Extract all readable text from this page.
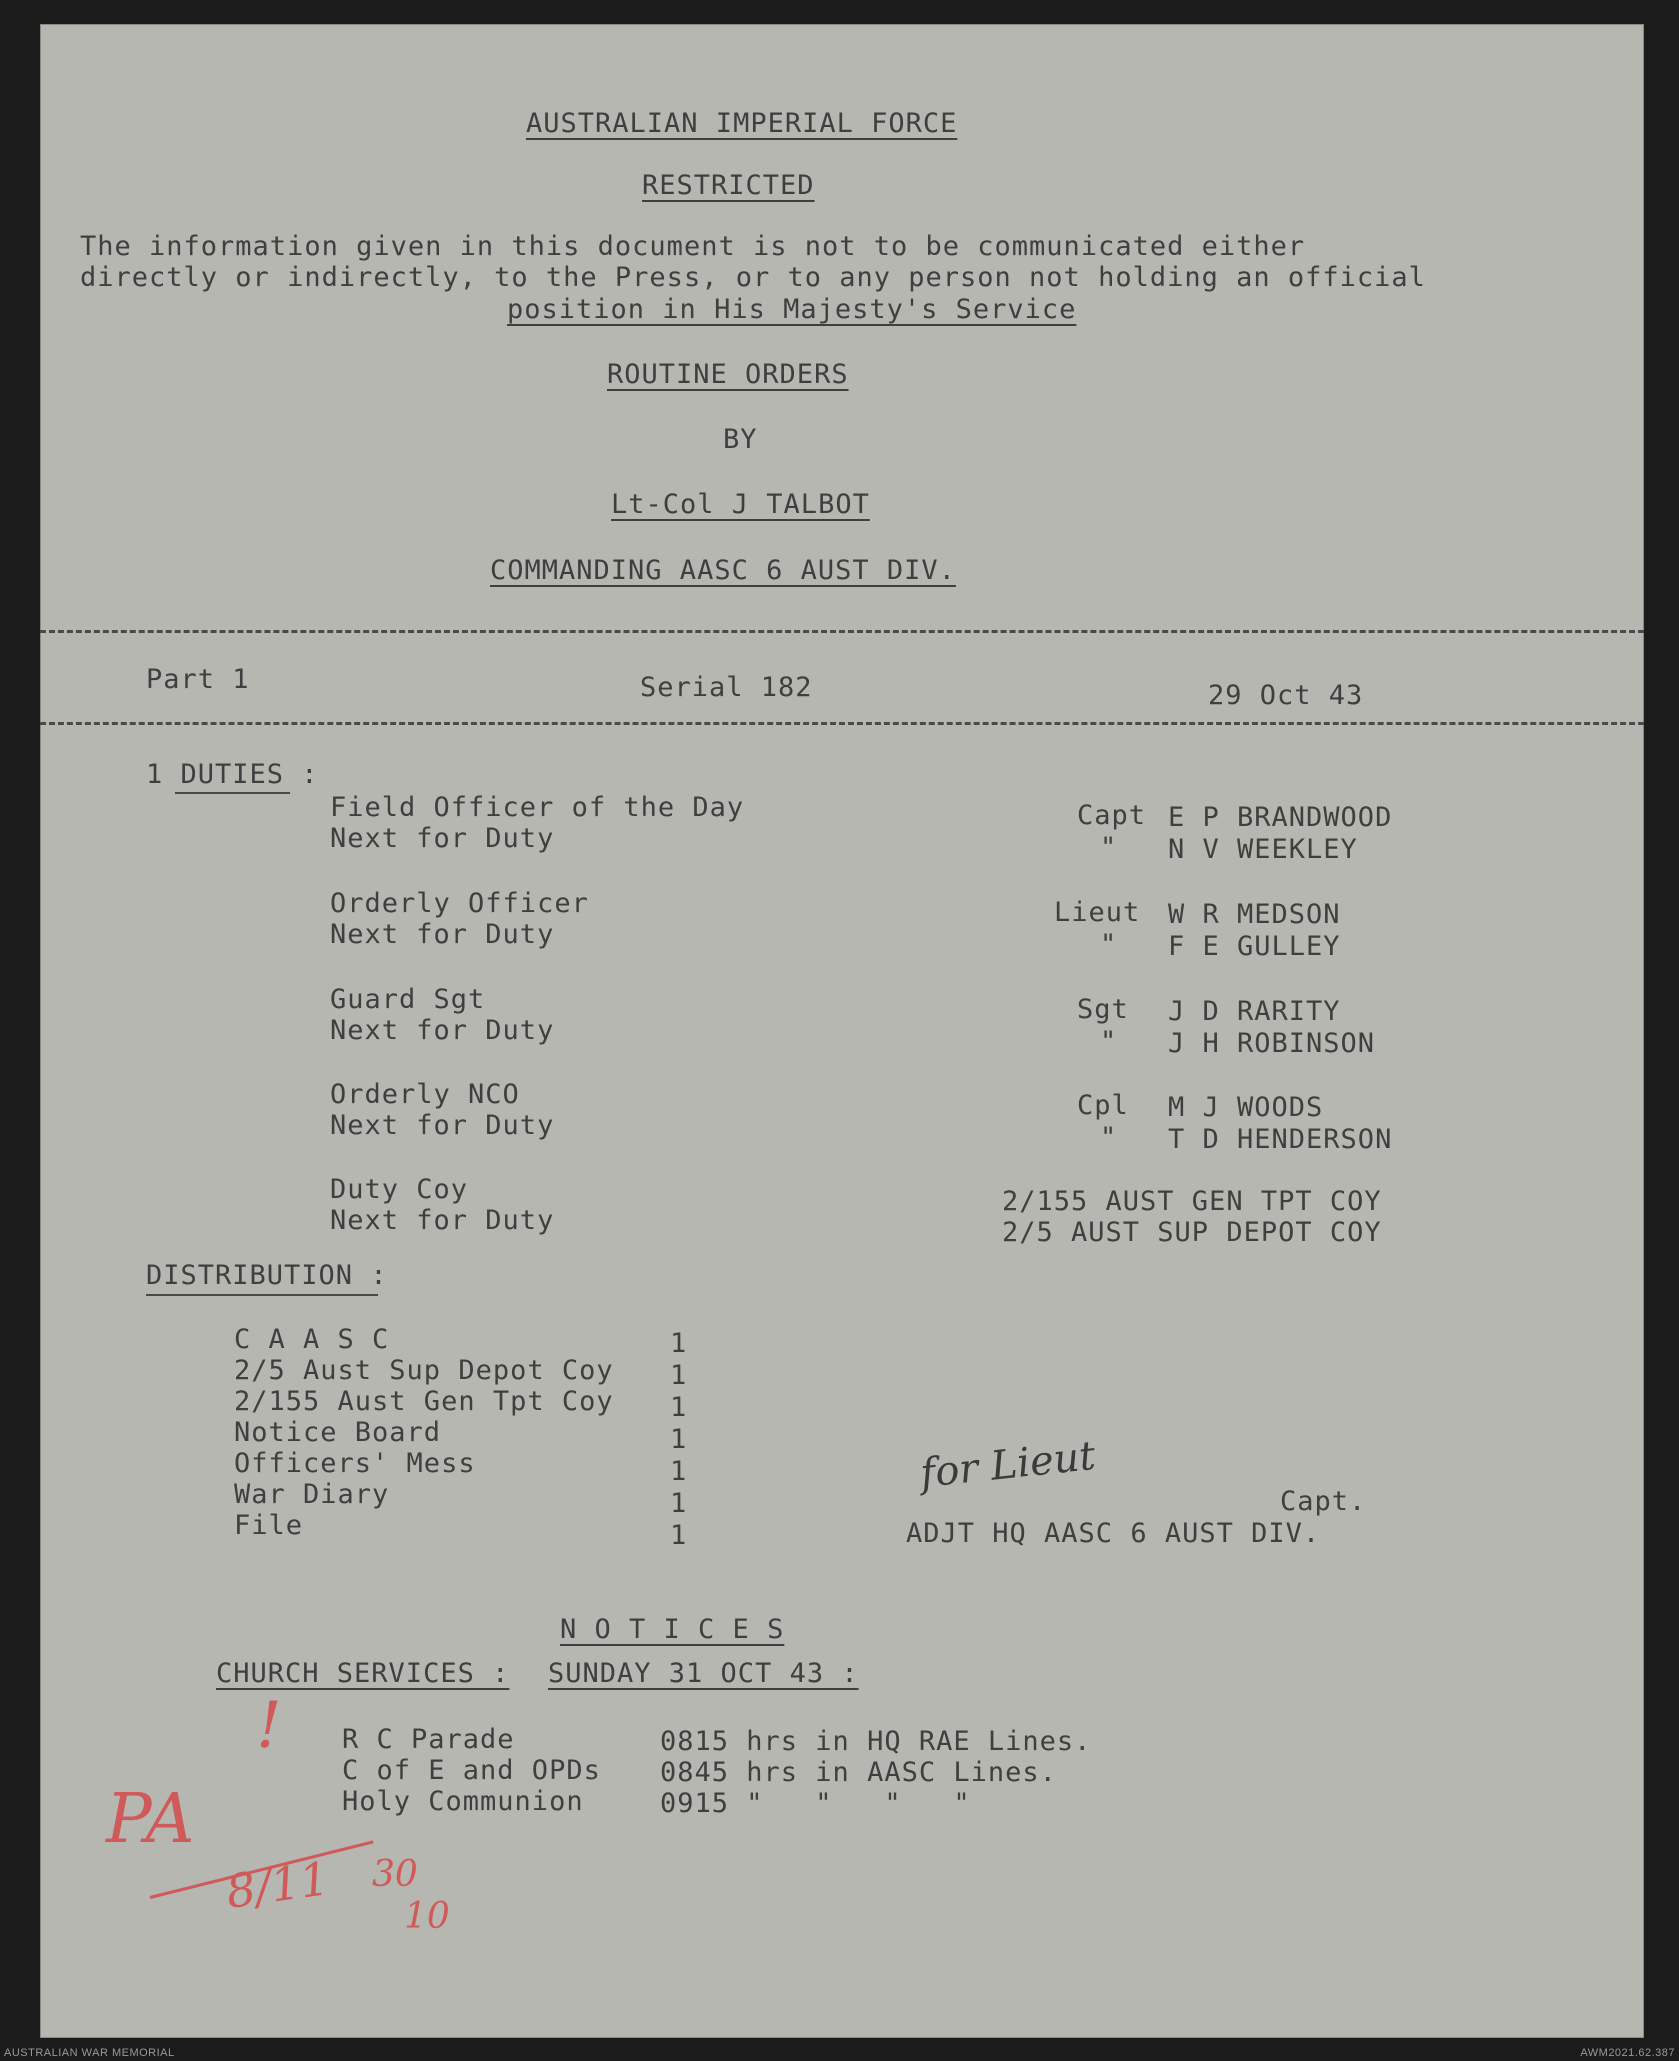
AUSTRALIAN IMPERIAL FORCE
RESTRICTED
The information given in this document is not to be communicated either
directly or indirectly, to the Press, or to any person not holding an official
position in His Majesty's Service
ROUTINE ORDERS
BY
Lt-Col J TALBOT
COMMANDING AASC 6 AUST DIV.
Part 1	Serial 182	29 Oct 43
1 DUTIES :
Field Officer of the Day	Capt E P BRANDWOOD
Next for Duty	" N V WEEKLEY
Orderly Officer	Lieut W R MEDSON
Next for Duty	" F E GULLEY
Guard Sgt	Sgt J D RARITY
Next for Duty	" J H ROBINSON
Orderly NCO	Cpl M J WOODS
Next for Duty	" T D HENDERSON
Duty Coy	2/155 AUST GEN TPT COY
Next for Duty	2/5 AUST SUP DEPOT COY
DISTRIBUTION :
C A A S C	1
2/5 Aust Sup Depot Coy 1
2/155 Aust Gen Tpt Coy 1
Notice Board	1
Officers' Mess	1
War Diary	1
File	1
for Lieut
Capt.
ADJT HQ AASC 6 AUST DIV.
N O T I C E S
CHURCH SERVICES : SUNDAY 31 OCT 43 :
R C Parade	0815 hrs in HQ RAE Lines.
C of E and OPDs 0845 hrs in AASC Lines.
Holy Communion	0915 "   "   "   "
PA
!
8/11 30
10
AUSTRALIAN WAR MEMORIAL	AWM2021.62.387
